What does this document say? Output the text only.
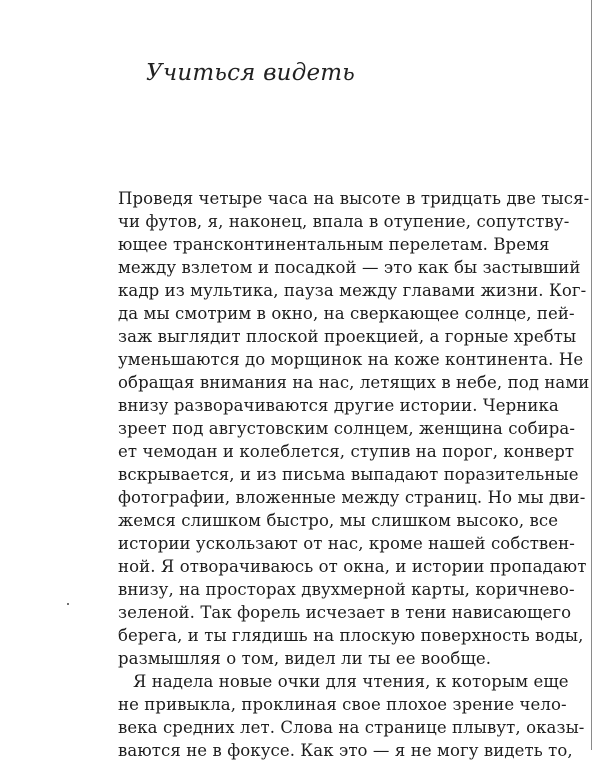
Учиться видеть
Проведя четыре часа на высоте в тридцать две тыся-
чи футов, я, наконец, впала в отупение, сопутству-
ющее трансконтинентальным перелетам. Время
между взлетом и посадкой — это как бы застывший
кадр из мультика, пауза между главами жизни. Ког-
да мы смотрим в окно, на сверкающее солнце, пей-
заж выглядит плоской проекцией, а горные хребты
уменьшаются до морщинок на коже континента. Не
обращая внимания на нас, летящих в небе, под нами
внизу разворачиваются другие истории. Черника
зреет под августовским солнцем, женщина собира-
ет чемодан и колеблется, ступив на порог, конверт
вскрывается, и из письма выпадают поразительные
фотографии, вложенные между страниц. Но мы дви-
жемся слишком быстро, мы слишком высоко, все
истории ускользают от нас, кроме нашей собствен-
ной. Я отворачиваюсь от окна, и истории пропадают
внизу, на просторах двухмерной карты, коричнево-
зеленой. Так форель исчезает в тени нависающего
берега, и ты глядишь на плоскую поверхность воды,
размышляя о том, видел ли ты ее вообще.
Я надела новые очки для чтения, к которым еще
не привыкла, проклиная свое плохое зрение чело-
века средних лет. Слова на странице плывут, оказы-
ваются не в фокусе. Как это — я не могу видеть то,
